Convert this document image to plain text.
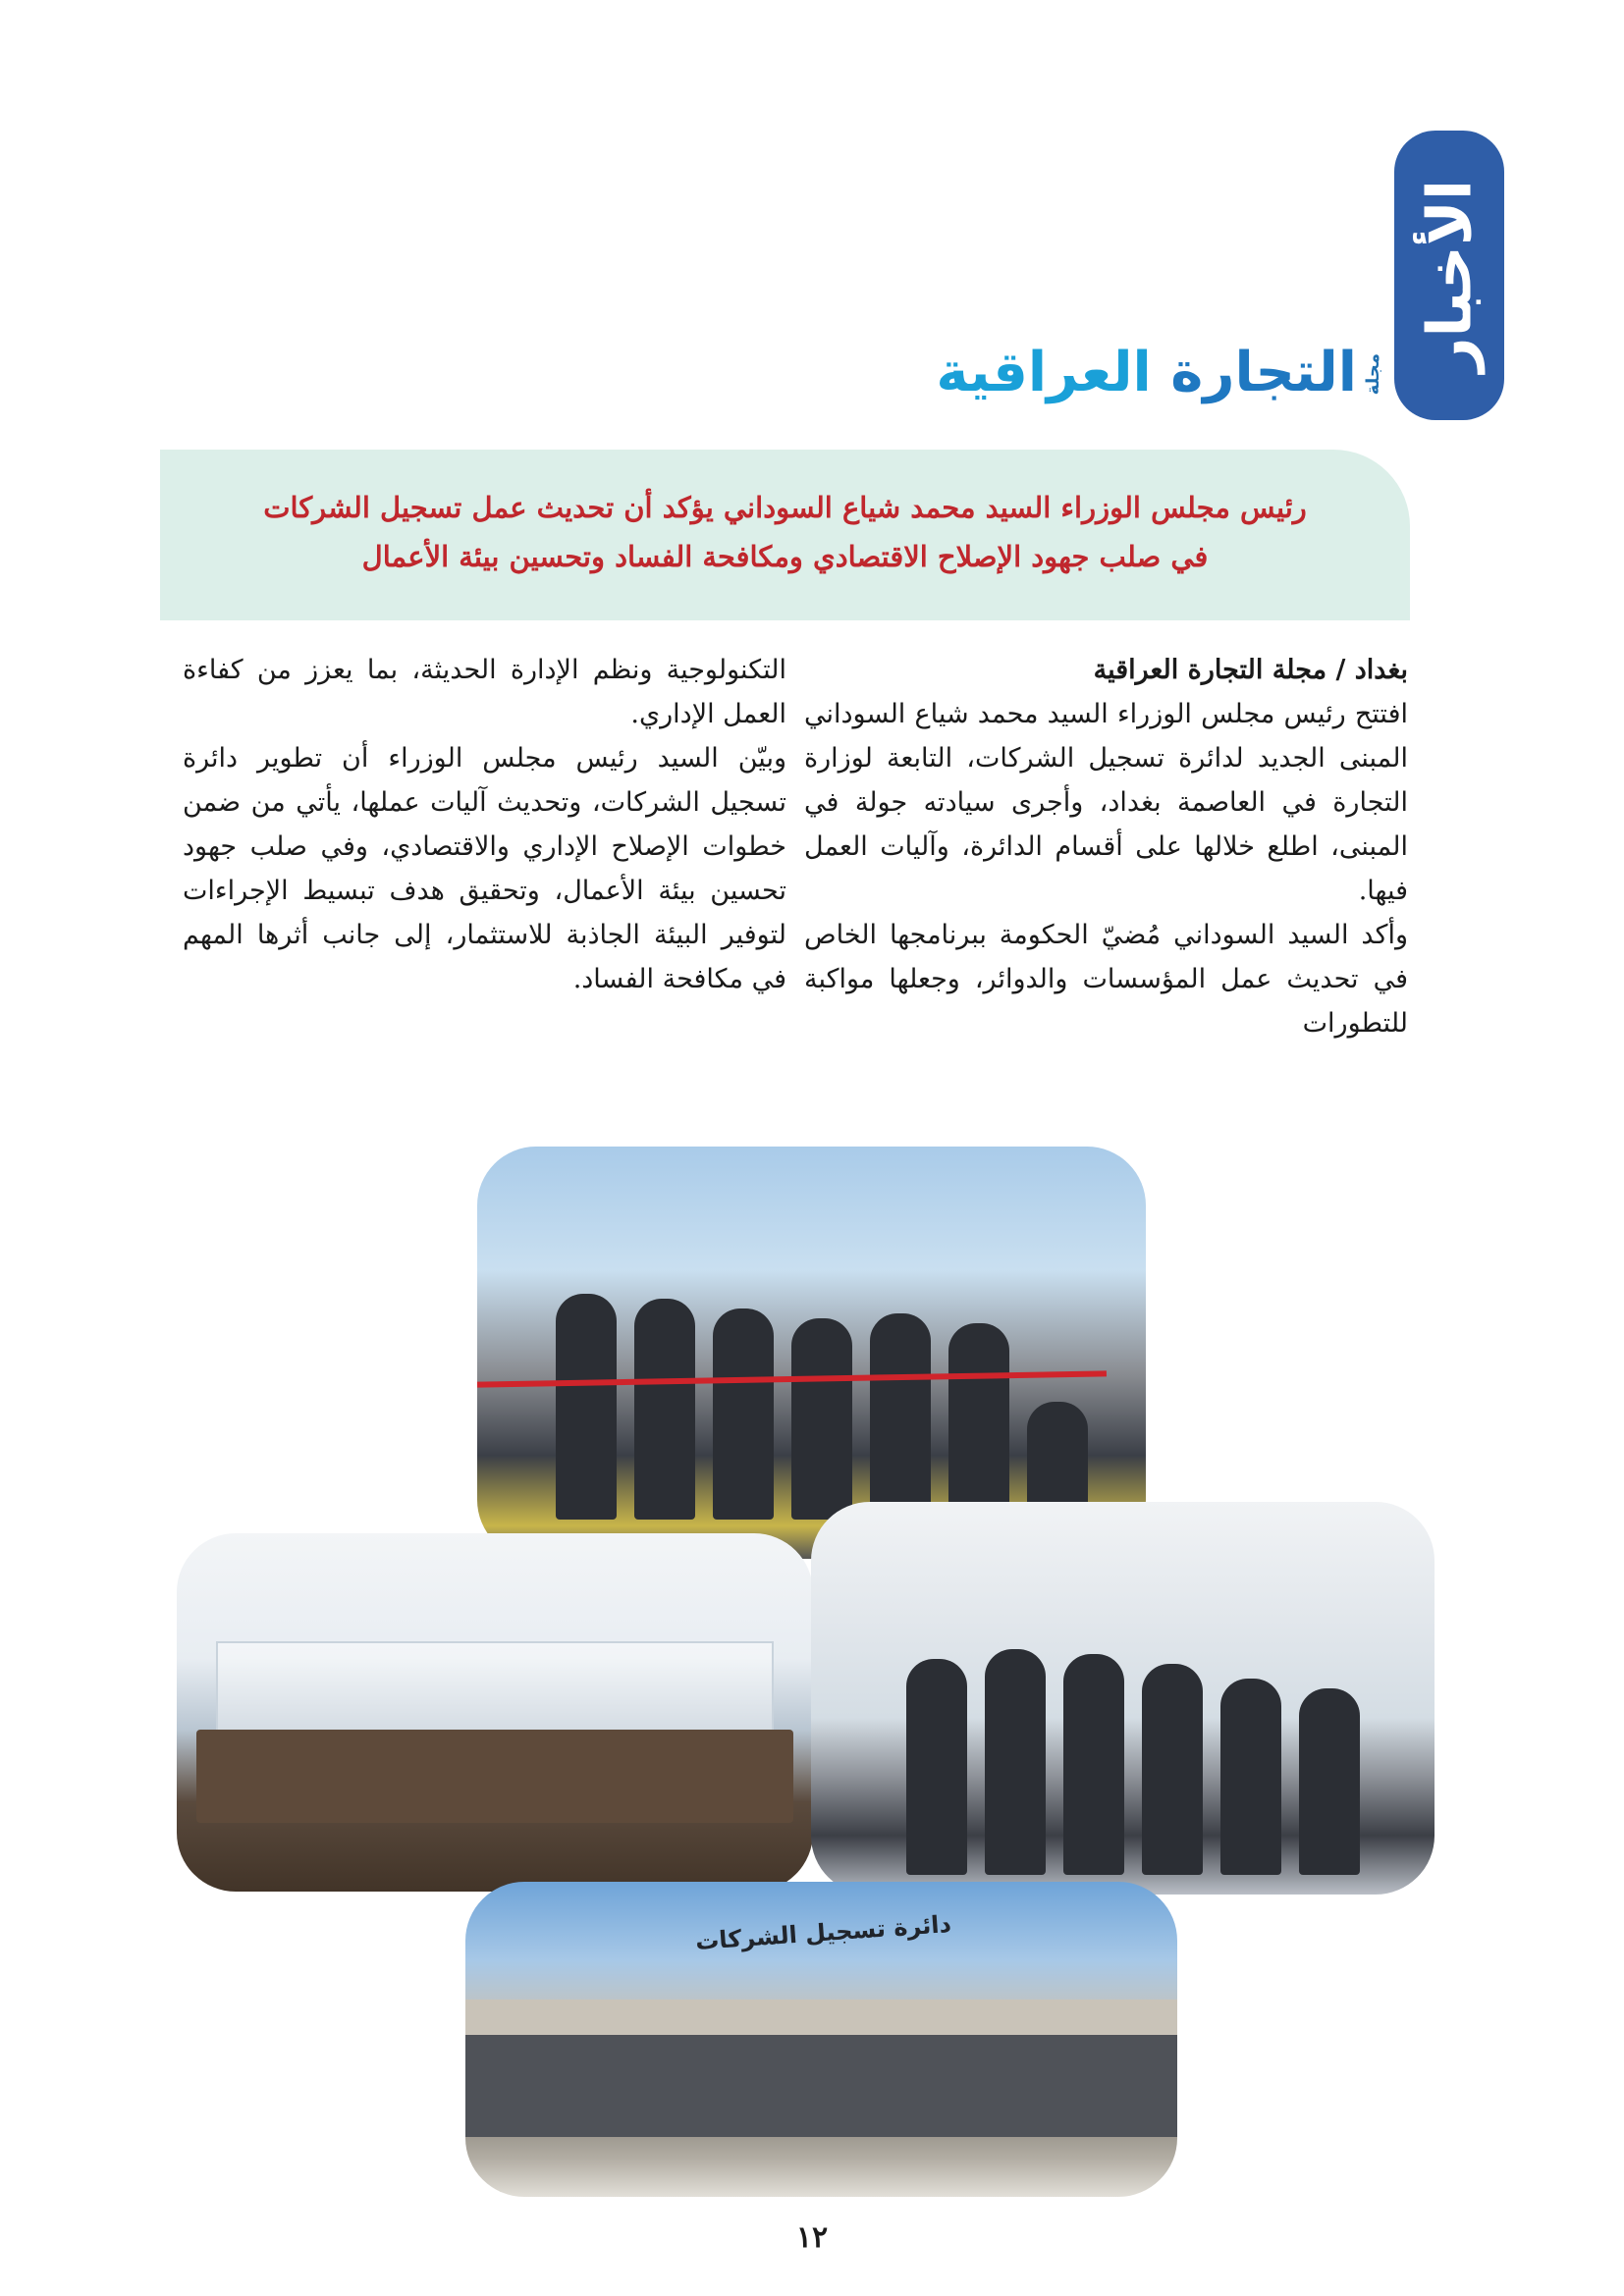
الأخبار
مجلة
التجارة العراقية
رئيس مجلس الوزراء السيد محمد شياع السوداني يؤكد أن تحديث عمل تسجيل الشركات
في صلب جهود الإصلاح الاقتصادي ومكافحة الفساد وتحسين بيئة الأعمال

بغداد / مجلة التجارة العراقية

افتتح رئيس مجلس الوزراء السيد محمد شياع السوداني المبنى الجديد لدائرة تسجيل الشركات، التابعة لوزارة التجارة في العاصمة بغداد، وأجرى سيادته جولة في المبنى، اطلع خلالها على أقسام الدائرة، وآليات العمل فيها.

وأكد السيد السوداني مُضيّ الحكومة ببرنامجها الخاص في تحديث عمل المؤسسات والدوائر، وجعلها مواكبة للتطورات

التكنولوجية ونظم الإدارة الحديثة، بما يعزز من كفاءة العمل الإداري.

وبيّن السيد رئيس مجلس الوزراء أن تطوير دائرة تسجيل الشركات، وتحديث آليات عملها، يأتي من ضمن خطوات الإصلاح الإداري والاقتصادي، وفي صلب جهود تحسين بيئة الأعمال، وتحقيق هدف تبسيط الإجراءات لتوفير البيئة الجاذبة للاستثمار، إلى جانب أثرها المهم في مكافحة الفساد.

دائرة تسجيل الشركات
١٢
